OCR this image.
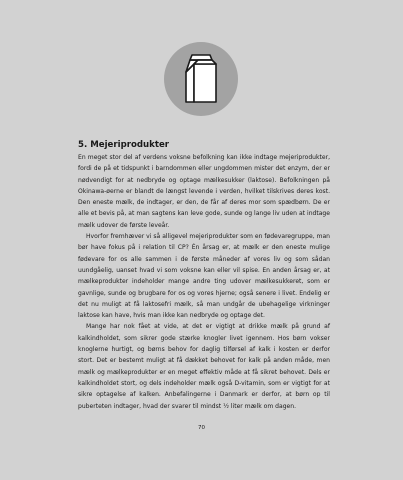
5. Mejeriprodukter

En meget stor del af verdens voksne befolkning kan ikke indtage mejeriprodukter, fordi de på et tidspunkt i barndommen eller ungdommen mister det enzym, der er nødvendigt for at nedbryde og optage mælkesukker (laktose). Befolkningen på Okinawa-øerne er blandt de længst levende i verden, hvilket tilskrives deres kost. Den eneste mælk, de indtager, er den, de får af deres mor som spædbørn. De er alle et bevis på, at man sagtens kan leve gode, sunde og lange liv uden at indtage mælk udover de første leveår.

Hvorfor fremhæver vi så alligevel mejeriprodukter som en fødevaregruppe, man bør have fokus på i relation til CP? Én årsag er, at mælk er den eneste mulige fødevare for os alle sammen i de første måneder af vores liv og som sådan uundgåelig, uanset hvad vi som voksne kan eller vil spise. En anden årsag er, at mælkeprodukter indeholder mange andre ting udover mælkesukkeret, som er gavnlige, sunde og brugbare for os og vores hjerne; også senere i livet. Endelig er det nu muligt at få laktosefri mælk, så man undgår de ubehagelige virkninger laktose kan have, hvis man ikke kan nedbryde og optage det.

Mange har nok fået at vide, at det er vigtigt at drikke mælk på grund af kalkindholdet, som sikrer gode stærke knogler livet igennem. Hos børn vokser knoglerne hurtigt, og børns behov for daglig tilførsel af kalk i kosten er derfor stort. Det er bestemt muligt at få dækket behovet for kalk på anden måde, men mælk og mælkeprodukter er en meget effektiv måde at få sikret behovet. Dels er kalkindholdet stort, og dels indeholder mælk også D-vitamin, som er vigtigt for at sikre optagelse af kalken. Anbefalingerne i Danmark er derfor, at børn op til puberteten indtager, hvad der svarer til mindst ½ liter mælk om dagen.

70
